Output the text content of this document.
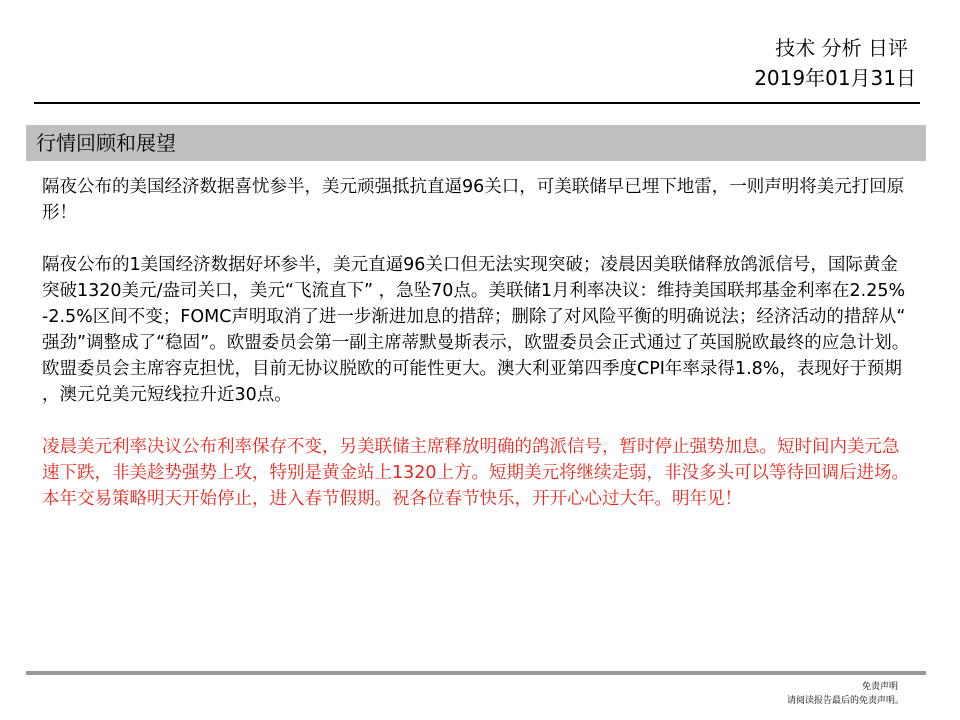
技术 分析 日评
2019年01月31日
行情回顾和展望

隔夜公布的美国经济数据喜忧参半，美元顽强抵抗直逼96关口，可美联储早已埋下地雷，一则声明将美元打回原形！

隔夜公布的1美国经济数据好坏参半，美元直逼96关口但无法实现突破；凌晨因美联储释放鸽派信号，国际黄金突破1320美元/盎司关口，美元“飞流直下” ，急坠70点。美联储1月利率决议：维持美国联邦基金利率在2.25%-2.5%区间不变；FOMC声明取消了进一步渐进加息的措辞；删除了对风险平衡的明确说法；经济活动的措辞从“强劲”调整成了“稳固”。欧盟委员会第一副主席蒂默曼斯表示，欧盟委员会正式通过了英国脱欧最终的应急计划。欧盟委员会主席容克担忧，目前无协议脱欧的可能性更大。澳大利亚第四季度CPI年率录得1.8%，表现好于预期，澳元兑美元短线拉升近30点。

凌晨美元利率决议公布利率保存不变，另美联储主席释放明确的鸽派信号，暂时停止强势加息。短时间内美元急速下跌，非美趁势强势上攻，特别是黄金站上1320上方。短期美元将继续走弱，非没多头可以等待回调后进场。本年交易策略明天开始停止，进入春节假期。祝各位春节快乐，开开心心过大年。明年见！

免责声明
请阅读报告最后的免责声明。
